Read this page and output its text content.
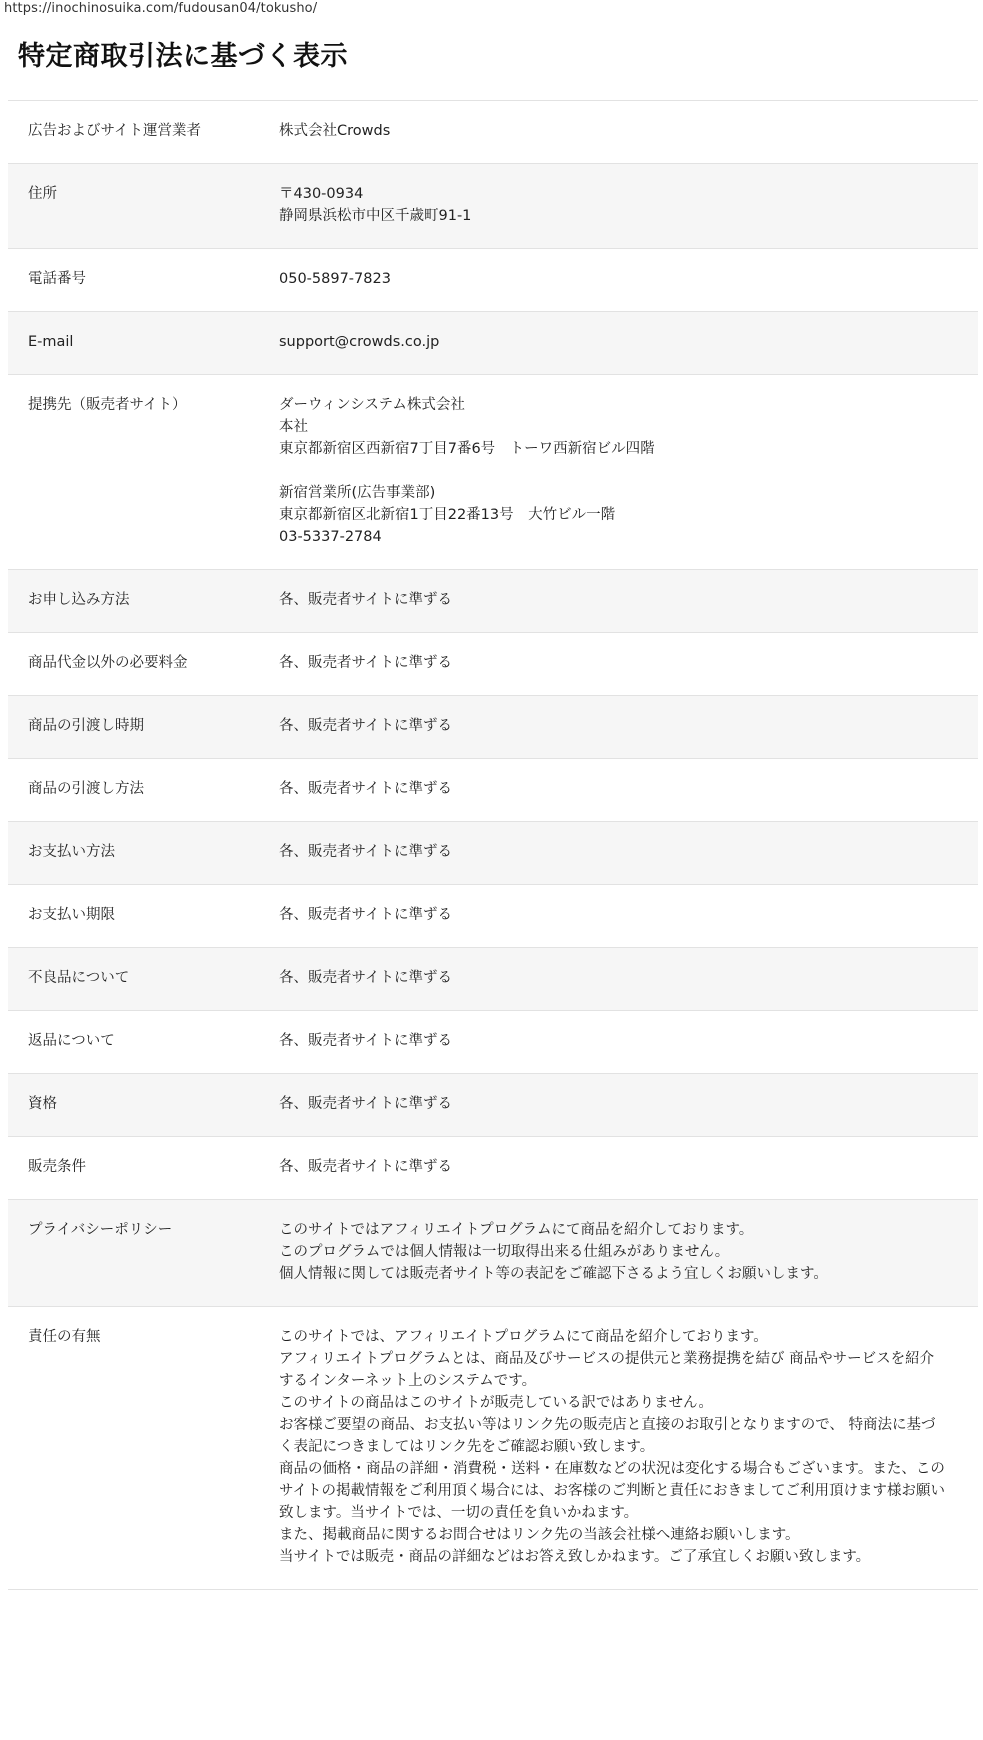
https://inochinosuika.com/fudousan04/tokusho/
特定商取引法に基づく表示
広告およびサイト運営業者	株式会社Crowds
住所	〒430-0934
静岡県浜松市中区千歳町91-1
電話番号	050-5897-7823
E-mail	support@crowds.co.jp
提携先（販売者サイト）	ダーウィンシステム株式会社
本社
東京都新宿区西新宿7丁目7番6号　トーワ西新宿ビル四階
新宿営業所(広告事業部)
東京都新宿区北新宿1丁目22番13号　大竹ビル一階
03-5337-2784
お申し込み方法	各、販売者サイトに準ずる
商品代金以外の必要料金	各、販売者サイトに準ずる
商品の引渡し時期	各、販売者サイトに準ずる
商品の引渡し方法	各、販売者サイトに準ずる
お支払い方法	各、販売者サイトに準ずる
お支払い期限	各、販売者サイトに準ずる
不良品について	各、販売者サイトに準ずる
返品について	各、販売者サイトに準ずる
資格	各、販売者サイトに準ずる
販売条件	各、販売者サイトに準ずる
プライバシーポリシー	このサイトではアフィリエイトプログラムにて商品を紹介しております。
このプログラムでは個人情報は一切取得出来る仕組みがありません。
個人情報に関しては販売者サイト等の表記をご確認下さるよう宜しくお願いします。
責任の有無	このサイトでは、アフィリエイトプログラムにて商品を紹介しております。
アフィリエイトプログラムとは、商品及びサービスの提供元と業務提携を結び 商品やサービスを紹介するインターネット上のシステムです。
このサイトの商品はこのサイトが販売している訳ではありません。
お客様ご要望の商品、お支払い等はリンク先の販売店と直接のお取引となりますので、 特商法に基づく表記につきましてはリンク先をご確認お願い致します。
商品の価格・商品の詳細・消費税・送料・在庫数などの状況は変化する場合もございます。また、このサイトの掲載情報をご利用頂く場合には、お客様のご判断と責任におきましてご利用頂けます様お願い致します。当サイトでは、一切の責任を負いかねます。
また、掲載商品に関するお問合せはリンク先の当該会社様へ連絡お願いします。
当サイトでは販売・商品の詳細などはお答え致しかねます。ご了承宜しくお願い致します。
